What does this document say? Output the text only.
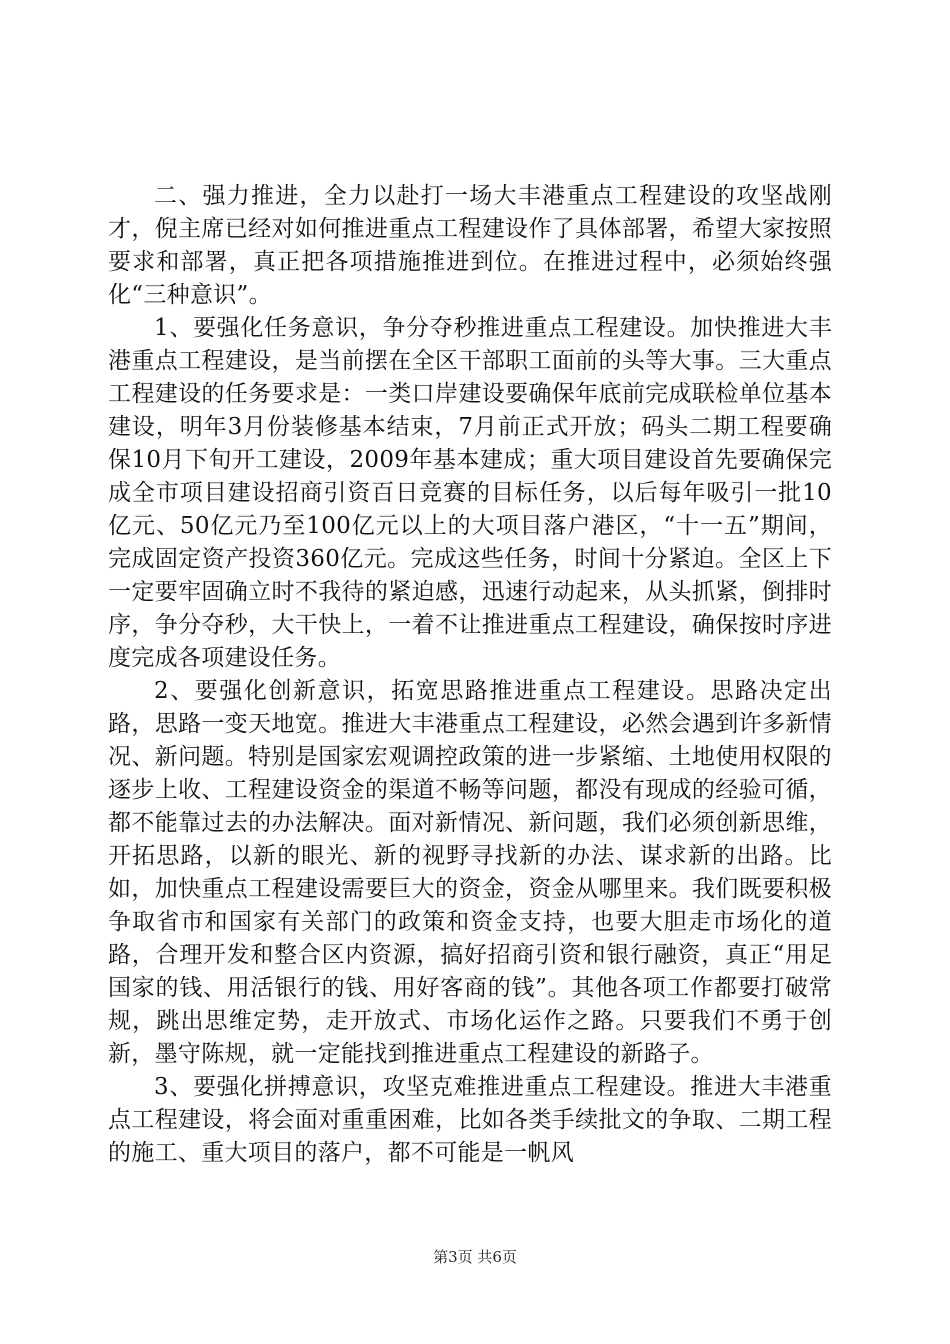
二、强力推进，全力以赴打一场大丰港重点工程建设的攻坚战刚才，倪主席已经对如何推进重点工程建设作了具体部署，希望大家按照要求和部署，真正把各项措施推进到位。在推进过程中，必须始终强化“三种意识”。

1、要强化任务意识，争分夺秒推进重点工程建设。加快推进大丰港重点工程建设，是当前摆在全区干部职工面前的头等大事。三大重点工程建设的任务要求是：一类口岸建设要确保年底前完成联检单位基本建设，明年3月份装修基本结束，7月前正式开放；码头二期工程要确保10月下旬开工建设，2009年基本建成；重大项目建设首先要确保完成全市项目建设招商引资百日竞赛的目标任务，以后每年吸引一批10亿元、50亿元乃至100亿元以上的大项目落户港区，“十一五”期间，完成固定资产投资360亿元。完成这些任务，时间十分紧迫。全区上下一定要牢固确立时不我待的紧迫感，迅速行动起来，从头抓紧，倒排时序，争分夺秒，大干快上，一着不让推进重点工程建设，确保按时序进度完成各项建设任务。

2、要强化创新意识，拓宽思路推进重点工程建设。思路决定出路，思路一变天地宽。推进大丰港重点工程建设，必然会遇到许多新情况、新问题。特别是国家宏观调控政策的进一步紧缩、土地使用权限的逐步上收、工程建设资金的渠道不畅等问题，都没有现成的经验可循，都不能靠过去的办法解决。面对新情况、新问题，我们必须创新思维，开拓思路，以新的眼光、新的视野寻找新的办法、谋求新的出路。比如，加快重点工程建设需要巨大的资金，资金从哪里来。我们既要积极争取省市和国家有关部门的政策和资金支持，也要大胆走市场化的道路，合理开发和整合区内资源，搞好招商引资和银行融资，真正“用足国家的钱、用活银行的钱、用好客商的钱”。其他各项工作都要打破常规，跳出思维定势，走开放式、市场化运作之路。只要我们不勇于创新，墨守陈规，就一定能找到推进重点工程建设的新路子。

3、要强化拼搏意识，攻坚克难推进重点工程建设。推进大丰港重点工程建设，将会面对重重困难，比如各类手续批文的争取、二期工程的施工、重大项目的落户，都不可能是一帆风

第3页 共6页
